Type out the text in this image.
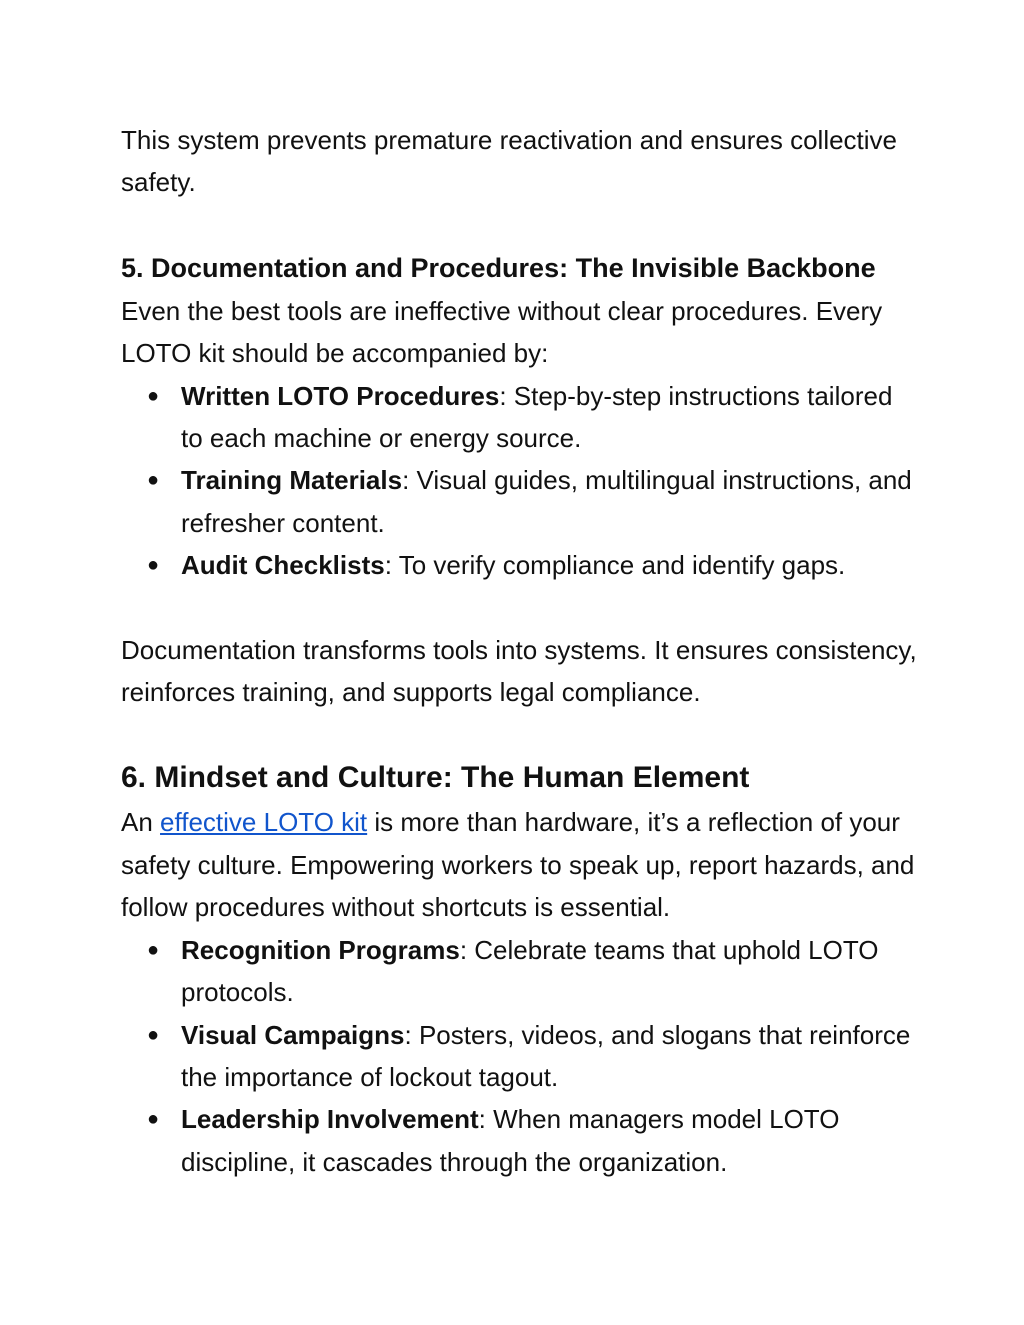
This system prevents premature reactivation and ensures collective safety.

5. Documentation and Procedures: The Invisible Backbone

Even the best tools are ineffective without clear procedures. Every LOTO kit should be accompanied by:

● Written LOTO Procedures: Step-by-step instructions tailored to each machine or energy source.
● Training Materials: Visual guides, multilingual instructions, and refresher content.
● Audit Checklists: To verify compliance and identify gaps.

Documentation transforms tools into systems. It ensures consistency, reinforces training, and supports legal compliance.

6. Mindset and Culture: The Human Element

An effective LOTO kit is more than hardware, it’s a reflection of your safety culture. Empowering workers to speak up, report hazards, and follow procedures without shortcuts is essential.

● Recognition Programs: Celebrate teams that uphold LOTO protocols.
● Visual Campaigns: Posters, videos, and slogans that reinforce the importance of lockout tagout.
● Leadership Involvement: When managers model LOTO discipline, it cascades through the organization.
